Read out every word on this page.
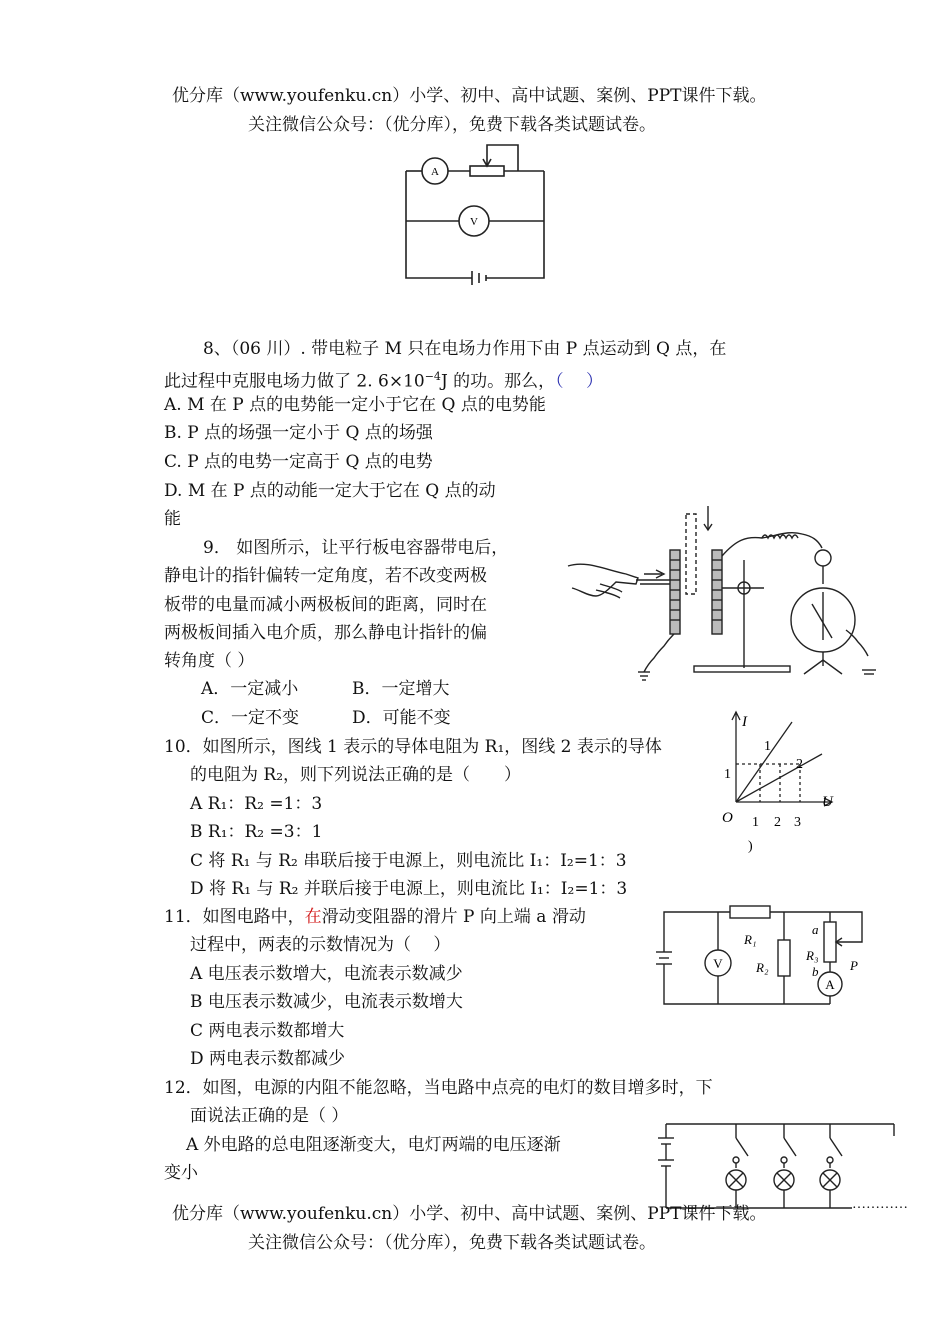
优分库（www.youfenku.cn）小学、初中、高中试题、案例、PPT课件下载。
关注微信公众号：（优分库），免费下载各类试题试卷。
A
V
8、（06 川）. 带电粒子 M 只在电场力作用下由 P 点运动到 Q 点，在
此过程中克服电场力做了 2. $6\times 10^{-4}J$ 的功。那么，（　 ）
A. M 在 P 点的电势能一定小于它在 Q 点的电势能
B. P 点的场强一定小于 Q 点的场强
C. P 点的电势一定高于 Q 点的电势
D. M 在 P 点的动能一定大于它在 Q 点的动
能
9． 如图所示，让平行板电容器带电后，
静电计的指针偏转一定角度，若不改变两极
板带的电量而减小两极板间的距离，同时在
两极板间插入电介质，那么静电计指针的偏
转角度（ ）
A．一定减小	B．一定增大
C．一定不变	D．可能不变
10．如图所示，图线 1 表示的导体电阻为 R₁，图线 2 表示的导体
的电阻为 R₂，则下列说法正确的是（　　）
A R₁：R₂ =1：3
B R₁：R₂ =3：1
C 将 R₁ 与 R₂ 串联后接于电源上，则电流比 I₁：I₂=1：3
D 将 R₁ 与 R₂ 并联后接于电源上，则电流比 I₁：I₂=1：3
I
U
O
1
2
1
1 2 3
)
11．如图电路中，在滑动变阻器的滑片 P 向上端 a 滑动
过程中，两表的示数情况为（　 ）
A 电压表示数增大，电流表示数减少
B 电压表示数减少，电流表示数增大
C 两电表示数都增大
D 两电表示数都减少
V
A
R₁
R₂
R₃
a
b P
12．如图，电源的内阻不能忽略，当电路中点亮的电灯的数目增多时，下
面说法正确的是（ ）
A 外电路的总电阻逐渐变大，电灯两端的电压逐渐
变小
…………
优分库（www.youfenku.cn）小学、初中、高中试题、案例、PPT课件下载。
关注微信公众号：（优分库），免费下载各类试题试卷。
